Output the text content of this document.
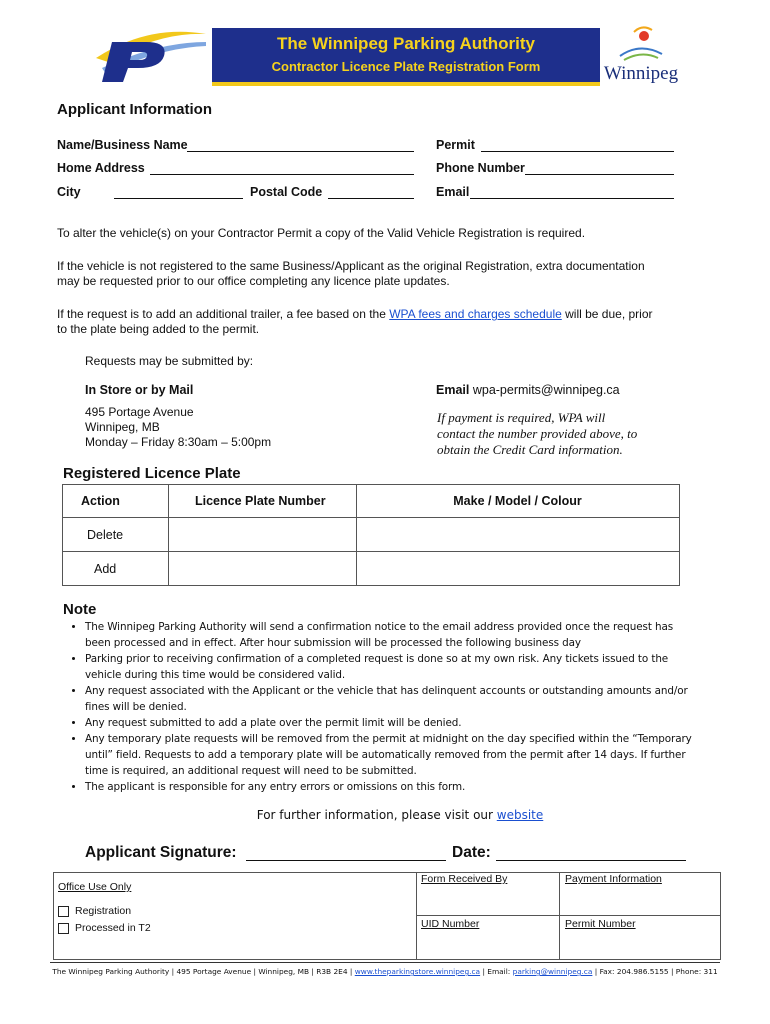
The Winnipeg Parking Authority
Contractor Licence Plate Registration Form	Winnipeg
Applicant Information
Name/Business Name	Permit
Home Address	Phone Number
City	Postal Code	Email
To alter the vehicle(s) on your Contractor Permit a copy of the Valid Vehicle Registration is required.
If the vehicle is not registered to the same Business/Applicant as the original Registration, extra documentation
may be requested prior to our office completing any licence plate updates.
If the request is to add an additional trailer, a fee based on the WPA fees and charges schedule will be due, prior
to the plate being added to the permit.
Requests may be submitted by:
In Store or by Mail
495 Portage Avenue
Winnipeg, MB
Monday – Friday 8:30am – 5:00pm
Email wpa-permits@winnipeg.ca
If payment is required, WPA will
contact the number provided above, to
obtain the Credit Card information.
Registered Licence Plate
Action	Licence Plate Number	Make / Model / Colour
Delete		
Add		
Note
• The Winnipeg Parking Authority will send a confirmation notice to the email address provided once the request has been processed and in effect. After hour submission will be processed the following business day
• Parking prior to receiving confirmation of a completed request is done so at my own risk. Any tickets issued to the vehicle during this time would be considered valid.
• Any request associated with the Applicant or the vehicle that has delinquent accounts or outstanding amounts and/or fines will be denied.
• Any request submitted to add a plate over the permit limit will be denied.
• Any temporary plate requests will be removed from the permit at midnight on the day specified within the “Temporary until” field. Requests to add a temporary plate will be automatically removed from the permit after 14 days. If further time is required, an additional request will need to be submitted.
• The applicant is responsible for any entry errors or omissions on this form.
For further information, please visit our website
Applicant Signature:	Date:
Office Use Only
Registration
Processed in T2
Form Received By	Payment Information
UID Number	Permit Number
The Winnipeg Parking Authority | 495 Portage Avenue | Winnipeg, MB | R3B 2E4 | www.theparkingstore.winnipeg.ca | Email: parking@winnipeg.ca | Fax: 204.986.5155 | Phone: 311
